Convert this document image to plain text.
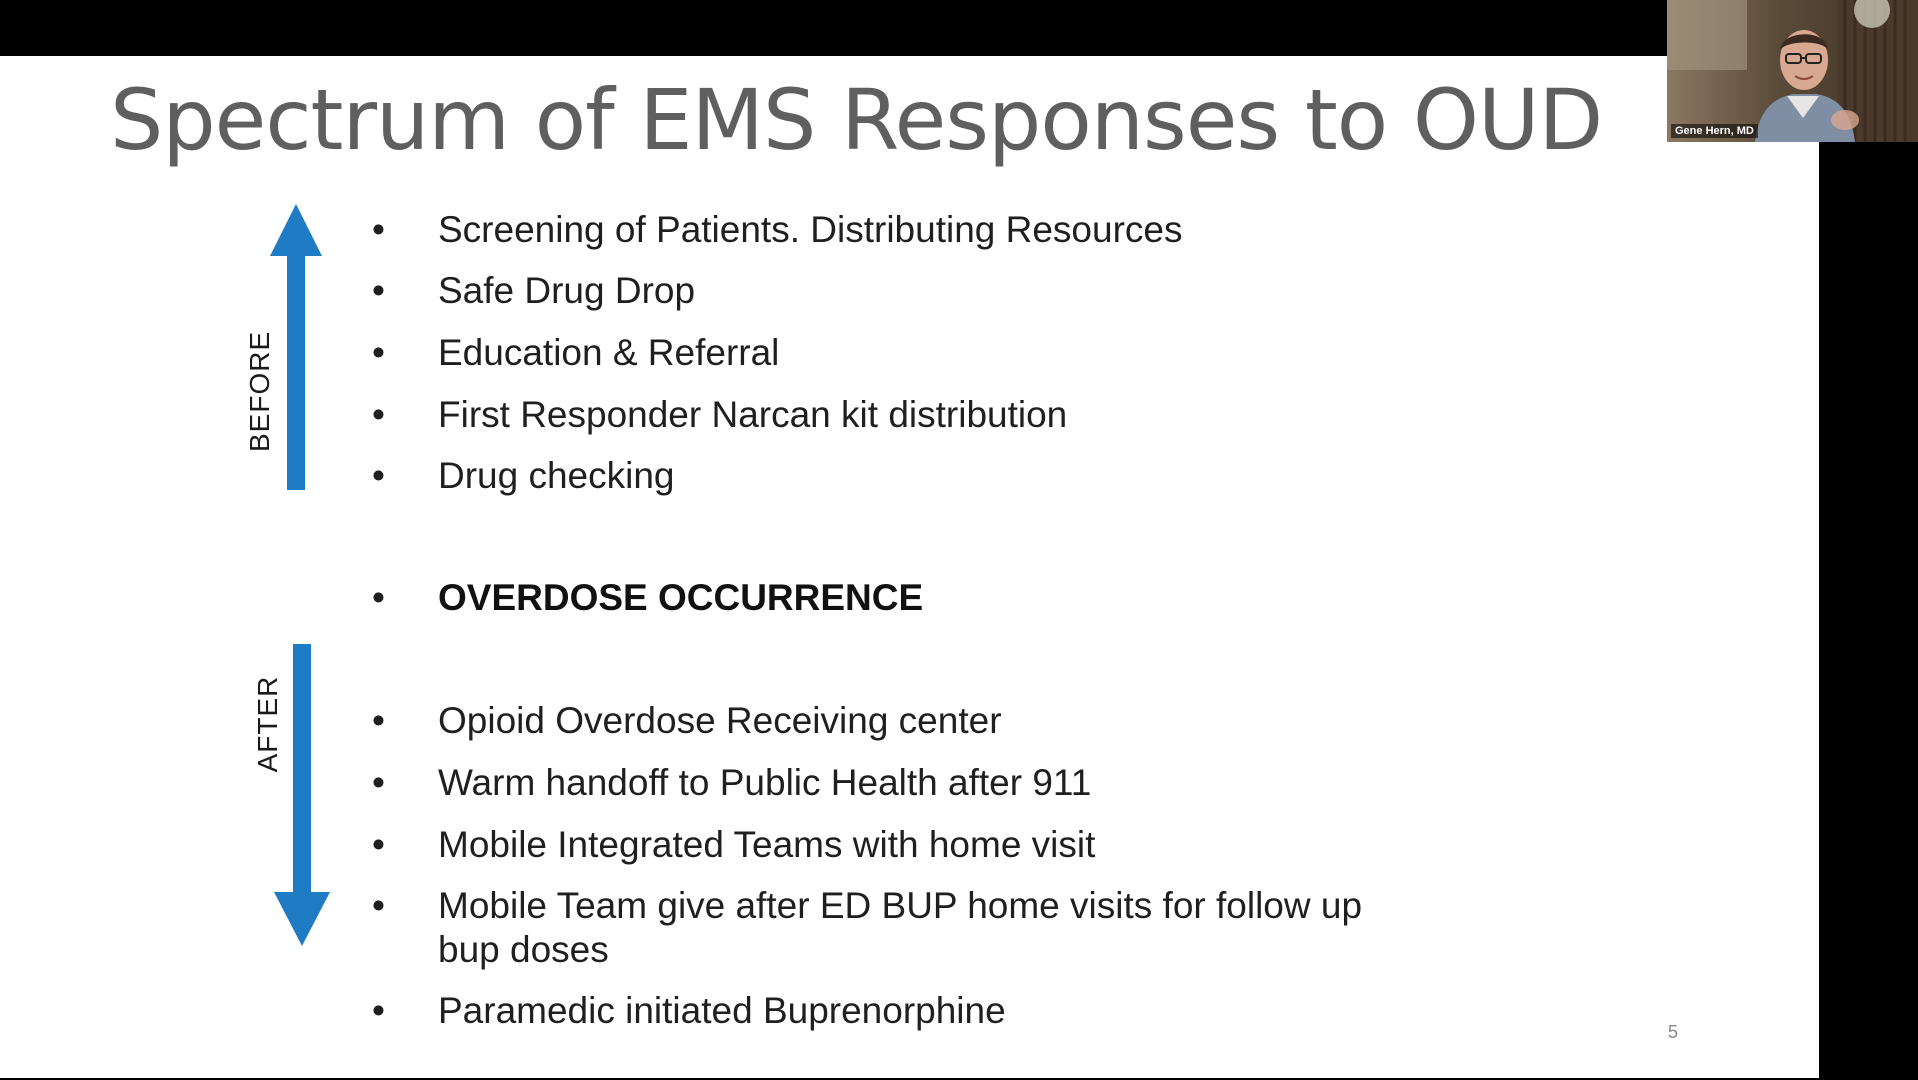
Spectrum of EMS Responses to OUD
BEFORE
AFTER
•	Screening of Patients. Distributing Resources
•	Safe Drug Drop
•	Education & Referral
•	First Responder Narcan kit distribution
•	Drug checking
•	OVERDOSE OCCURRENCE
•	Opioid Overdose Receiving center
•	Warm handoff to Public Health after 911
•	Mobile Integrated Teams with home visit
•	Mobile Team give after ED BUP home visits for follow up bup doses
•	Paramedic initiated Buprenorphine
5
Gene Hern, MD
